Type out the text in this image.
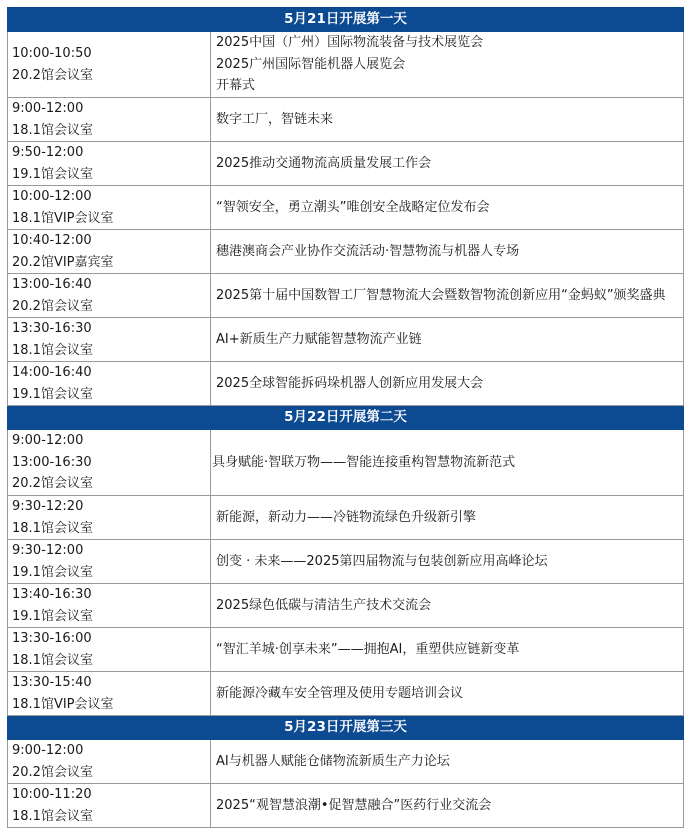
5月21日开展第一天	

10:00-10:50
20.2馆会议室	2025中国（广州）国际物流装备与技术展览会
2025广州国际智能机器人展览会
开幕式

9:00-12:00
18.1馆会议室	数字工厂，智链未来

9:50-12:00
19.1馆会议室	2025推动交通物流高质量发展工作会

10:00-12:00
18.1馆VIP会议室	“智领安全，勇立潮头”唯创安全战略定位发布会

10:40-12:00
20.2馆VIP嘉宾室	穗港澳商会产业协作交流活动·智慧物流与机器人专场

13:00-16:40
20.2馆会议室	2025第十届中国数智工厂智慧物流大会暨数智物流创新应用“金蚂蚁”颁奖盛典

13:30-16:30
18.1馆会议室	AI+新质生产力赋能智慧物流产业链

14:00-16:40
19.1馆会议室	2025全球智能拆码垛机器人创新应用发展大会

5月22日开展第二天	

9:00-12:00
13:00-16:30
20.2馆会议室	具身赋能·智联万物——智能连接重构智慧物流新范式

9:30-12:20
18.1馆会议室	新能源，新动力——冷链物流绿色升级新引擎

9:30-12:00
19.1馆会议室	创变 · 未来——2025第四届物流与包装创新应用高峰论坛

13:40-16:30
19.1馆会议室	2025绿色低碳与清洁生产技术交流会

13:30-16:00
18.1馆会议室	“智汇羊城·创享未来”——拥抱AI，重塑供应链新变革

13:30-15:40
18.1馆VIP会议室	新能源冷藏车安全管理及使用专题培训会议

5月23日开展第三天	

9:00-12:00
20.2馆会议室	AI与机器人赋能仓储物流新质生产力论坛

10:00-11:20
18.1馆会议室	2025“观智慧浪潮•促智慧融合”医药行业交流会
